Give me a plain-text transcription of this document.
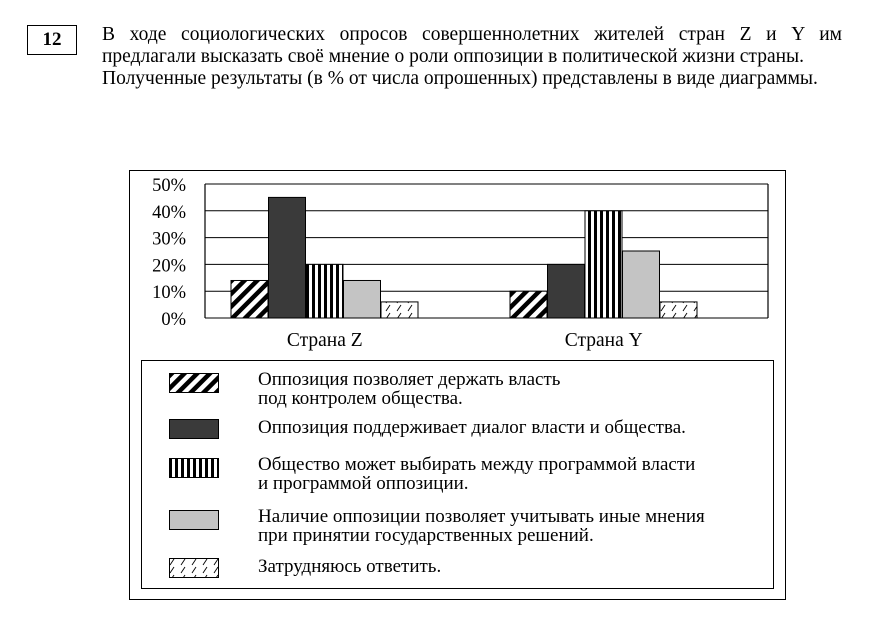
12	В ходе социологических опросов совершеннолетних жителей стран Z и Y им предлагали высказать своё мнение о роли оппозиции в политической жизни страны.

Полученные результаты (в % от числа опрошенных) представлены в виде диаграммы.

0%
10%
20%
30%
40%
50%
Страна Z	Страна Y
Оппозиция позволяет держать власть
под контролем общества.
Оппозиция поддерживает диалог власти и общества.
Общество может выбирать между программой власти
и программой оппозиции.
Наличие оппозиции позволяет учитывать иные мнения
при принятии государственных решений.
Затрудняюсь ответить.
